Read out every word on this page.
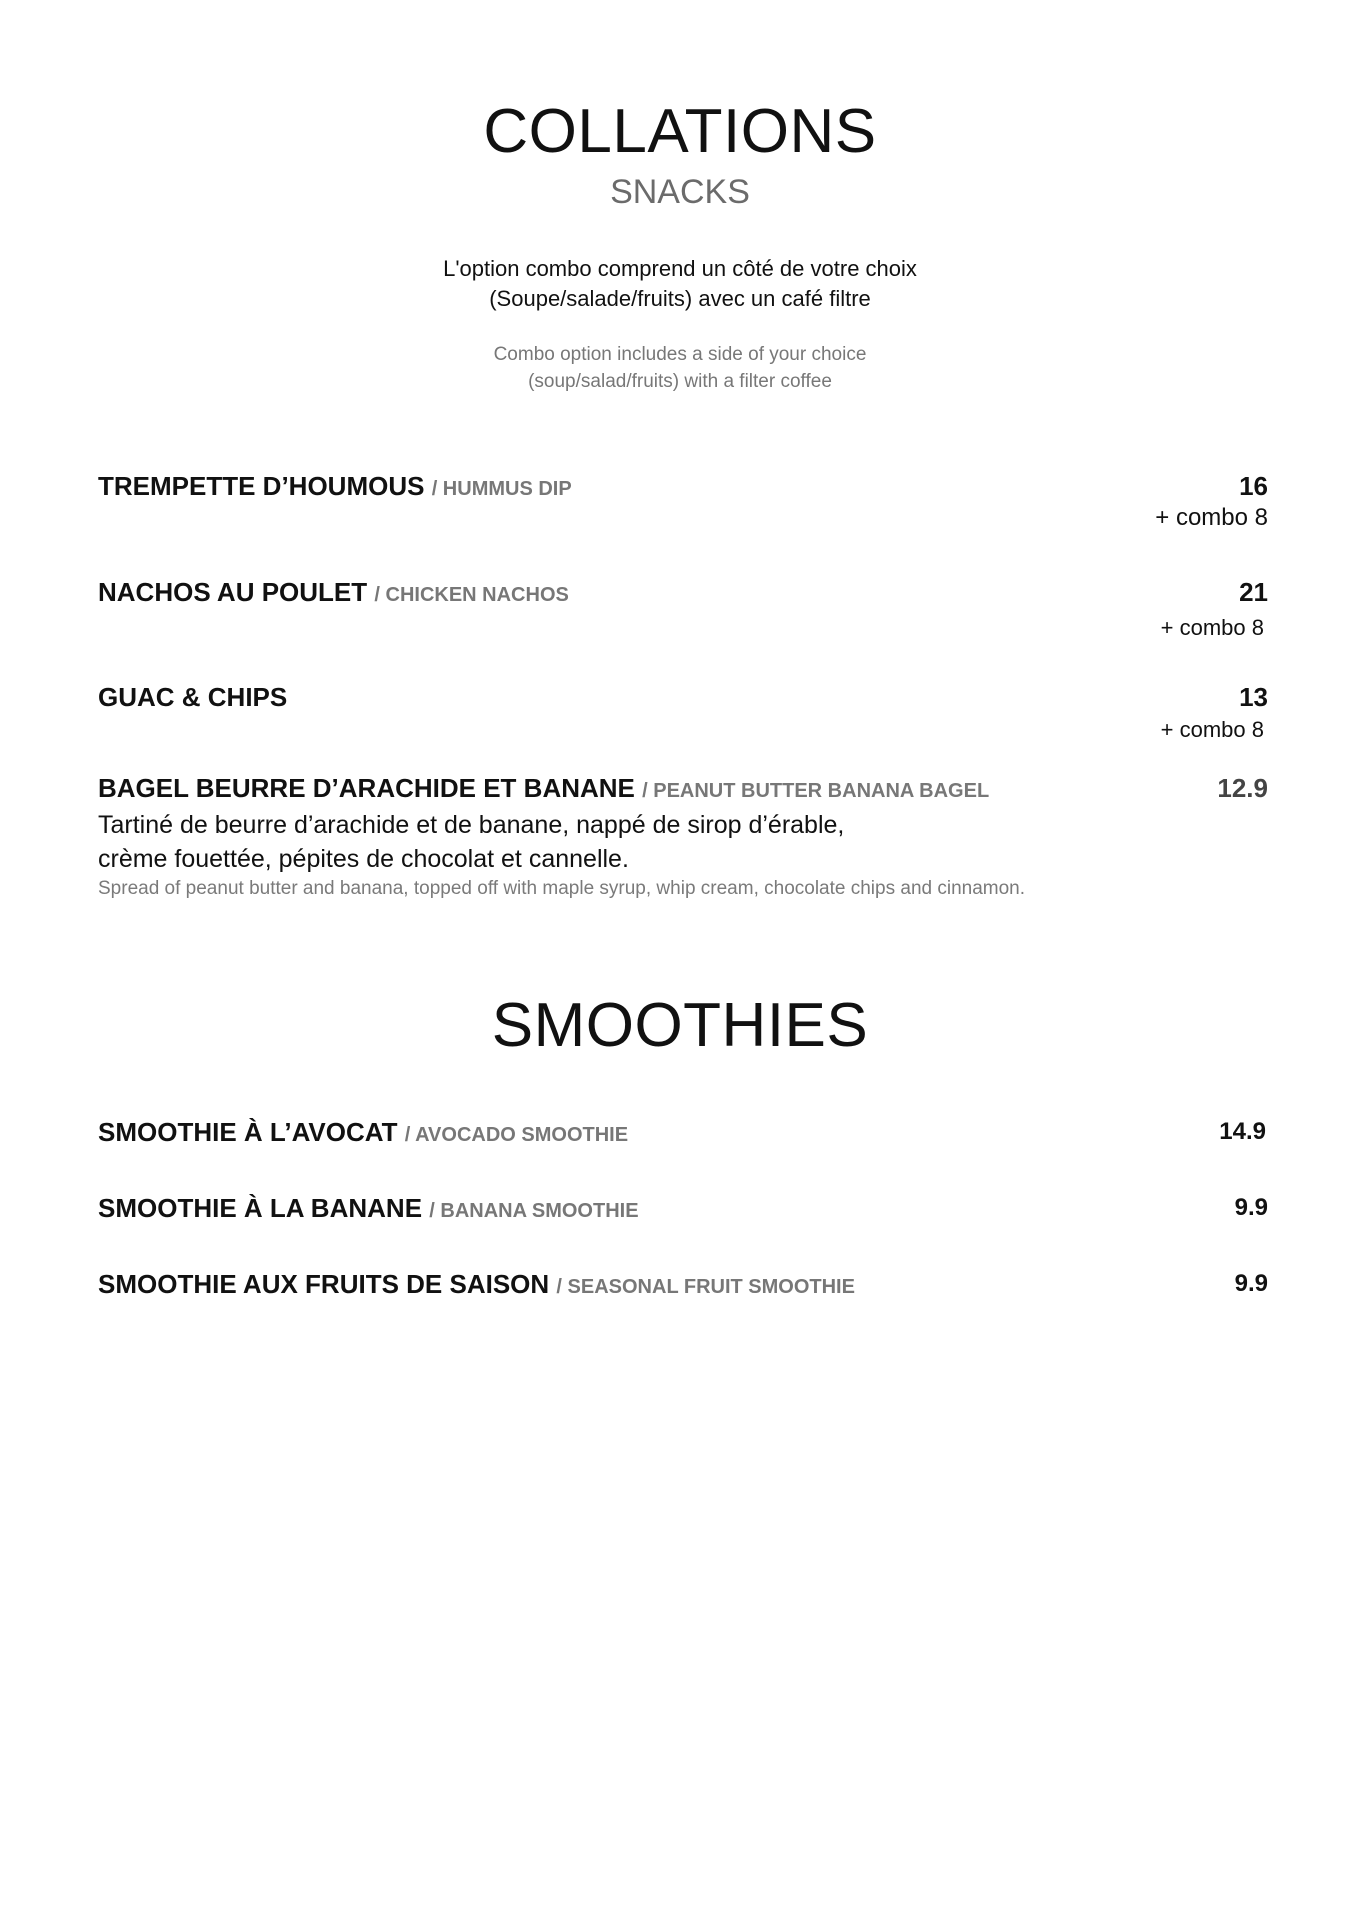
COLLATIONS
SNACKS
L'option combo comprend un côté de votre choix
(Soupe/salade/fruits) avec un café filtre
Combo option includes a side of your choice
(soup/salad/fruits) with a filter coffee
TREMPETTE D’HOUMOUS / HUMMUS DIP	16
+ combo 8
NACHOS AU POULET / CHICKEN NACHOS	21
+ combo 8
GUAC & CHIPS	13
+ combo 8
BAGEL BEURRE D’ARACHIDE ET BANANE / PEANUT BUTTER BANANA BAGEL	12.9
Tartiné de beurre d’arachide et de banane, nappé de sirop d’érable,
crème fouettée, pépites de chocolat et cannelle.
Spread of peanut butter and banana, topped off with maple syrup, whip cream, chocolate chips and cinnamon.
SMOOTHIES
SMOOTHIE À L’AVOCAT / AVOCADO SMOOTHIE	14.9
SMOOTHIE À LA BANANE / BANANA SMOOTHIE	9.9
SMOOTHIE AUX FRUITS DE SAISON / SEASONAL FRUIT SMOOTHIE	9.9
